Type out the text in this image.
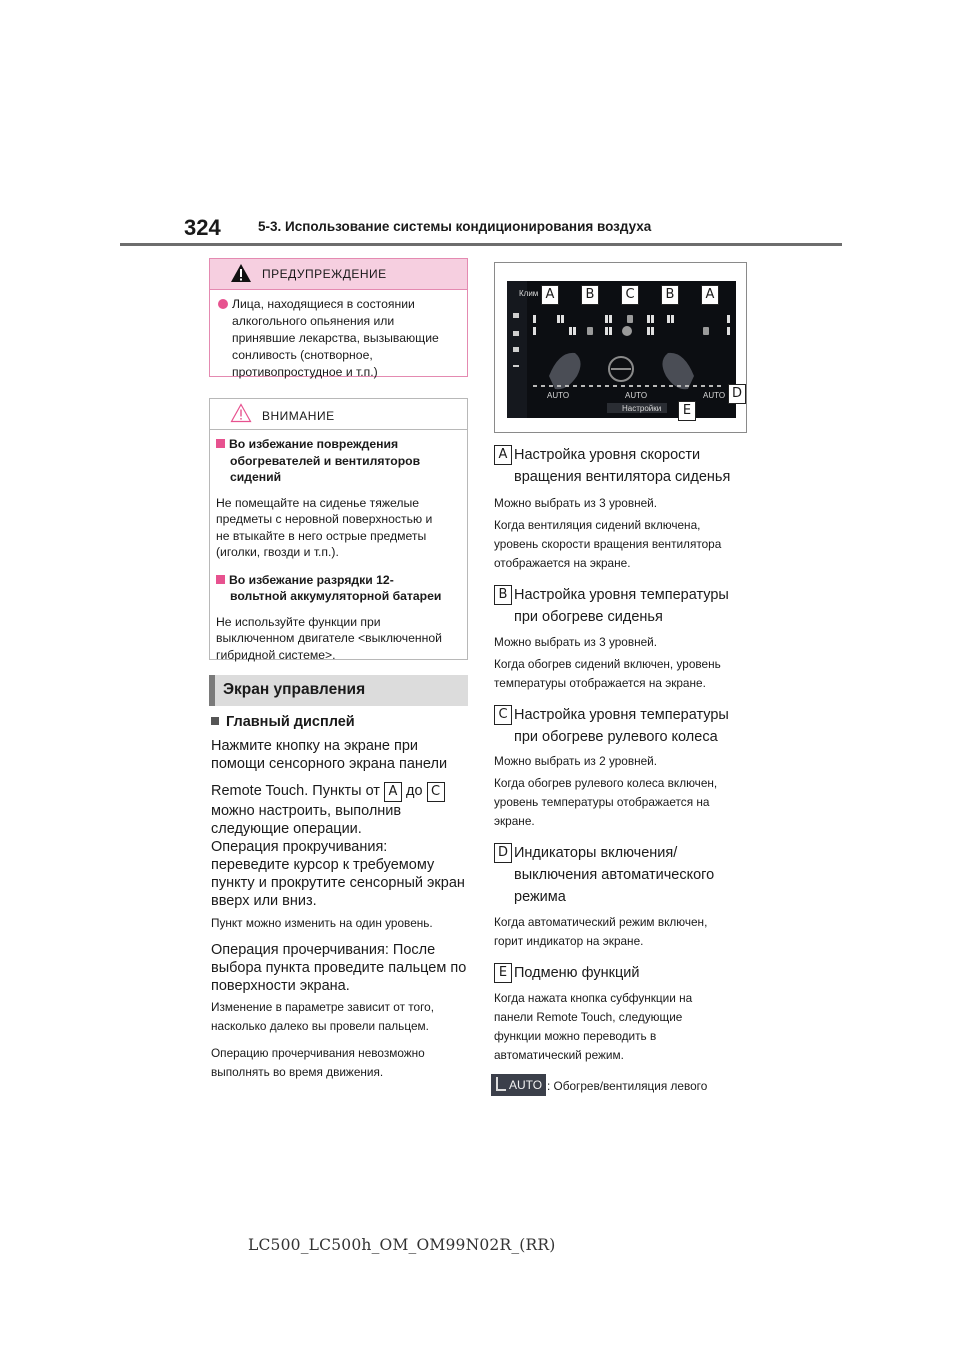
324	5-3. Использование системы кондиционирования воздуха
ПРЕДУПРЕЖДЕНИЕ
Лица, находящиеся в состоянии
алкогольного опьянения или
принявшие лекарства, вызывающие
сонливость (снотворное,
противопростудное и т.п.)
ВНИМАНИЕ
Во избежание повреждения
обогревателей и вентиляторов
сидений
Не помещайте на сиденье тяжелые
предметы с неровной поверхностью и
не втыкайте в него острые предметы
(иголки, гвозди и т.п.).
Во избежание разрядки 12-
вольтной аккумуляторной батареи
Не используйте функции при
выключенном двигателе <выключенной
гибридной системе>.
Экран управления
Главный дисплей
Нажмите кнопку на экране при
помощи сенсорного экрана панели
Remote Touch. Пункты от A до C
можно настроить, выполнив
следующие операции.
Операция прокручивания:
переведите курсор к требуемому
пункту и прокрутите сенсорный экран
вверх или вниз.
Пункт можно изменить на один уровень.
Операция прочерчивания: После
выбора пункта проведите пальцем по
поверхности экрана.
Изменение в параметре зависит от того,
насколько далеко вы провели пальцем.
Операцию прочерчивания невозможно
выполнять во время движения.
Клим
AUTO	AUTO	AUTO
Настройки
A	B	C	B	A
D
E
A Настройка уровня скорости
вращения вентилятора сиденья
Можно выбрать из 3 уровней.
Когда вентиляция сидений включена,
уровень скорости вращения вентилятора
отображается на экране.
B Настройка уровня температуры
при обогреве сиденья
Можно выбрать из 3 уровней.
Когда обогрев сидений включен, уровень
температуры отображается на экране.
C Настройка уровня температуры
при обогреве рулевого колеса
Можно выбрать из 2 уровней.
Когда обогрев рулевого колеса включен,
уровень температуры отображается на
экране.
D Индикаторы включения/
выключения автоматического
режима
Когда автоматический режим включен,
горит индикатор на экране.
E Подменю функций
Когда нажата кнопка субфункции на
панели Remote Touch, следующие
функции можно переводить в
автоматический режим.
AUTO : Обогрев/вентиляция левого
LC500_LC500h_OM_OM99N02R_(RR)
